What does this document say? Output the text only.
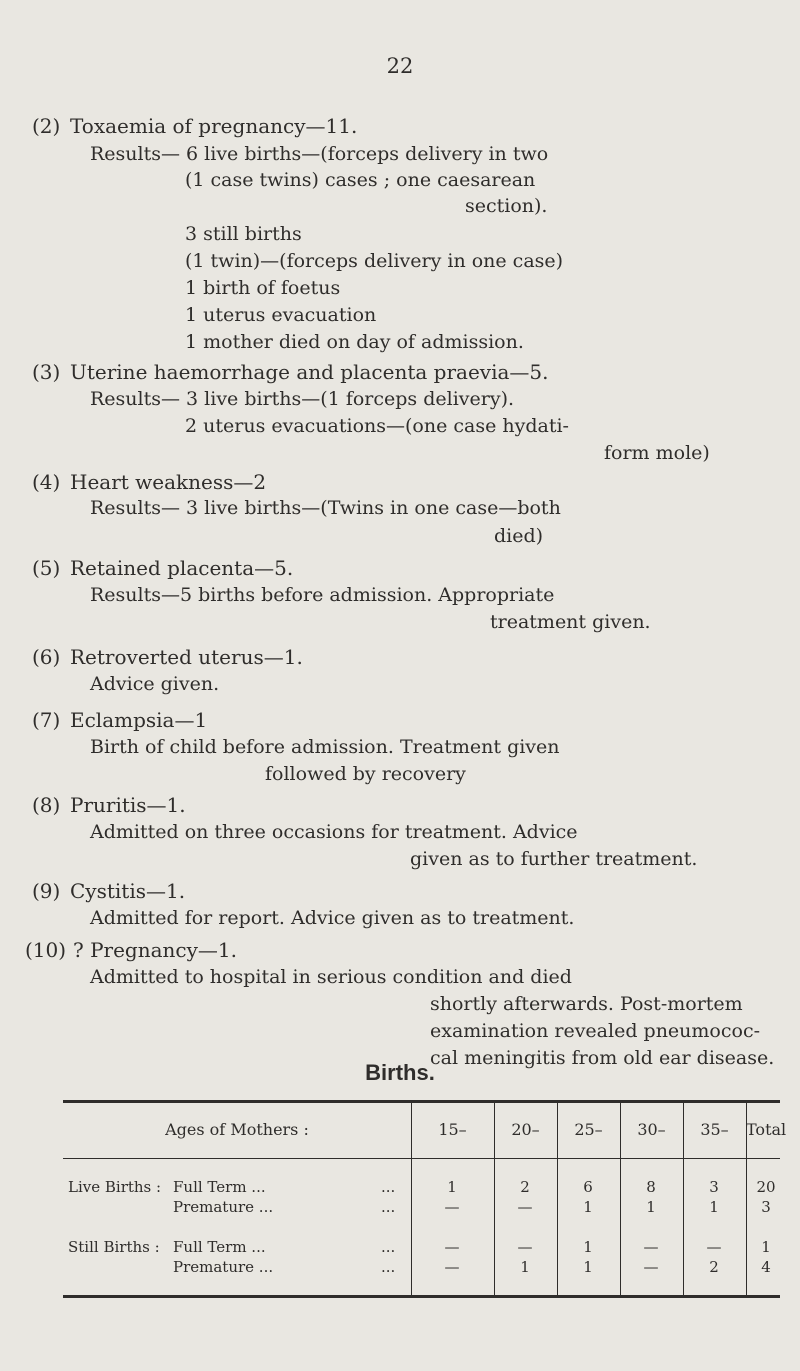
22
(2) Toxaemia of pregnancy—11.
Results— 6 live births—(forceps delivery in two
(1 case twins) cases ; one caesarean
section).
3 still births
(1 twin)—(forceps delivery in one case)
1 birth of foetus
1 uterus evacuation
1 mother died on day of admission.
(3) Uterine haemorrhage and placenta praevia—5.
Results— 3 live births—(1 forceps delivery).
2 uterus evacuations—(one case hydati-
form mole)
(4) Heart weakness—2
Results— 3 live births—(Twins in one case—both
died)
(5) Retained placenta—5.
Results—5 births before admission. Appropriate
treatment given.
(6) Retroverted uterus—1.
Advice given.
(7) Eclampsia—1
Birth of child before admission. Treatment given
followed by recovery
(8) Pruritis—1.
Admitted on three occasions for treatment. Advice
given as to further treatment.
(9) Cystitis—1.
Admitted for report. Advice given as to treatment.
(10) ? Pregnancy—1.
Admitted to hospital in serious condition and died
shortly afterwards. Post-mortem
examination revealed pneumococ-
cal meningitis from old ear disease.
Births.
Ages of Mothers :	15–	20–	25–	30–	35–	Total
Live Births : Full Term ...	...	1	2	6	8	3	20
Premature ...	...	—	—	1	1	1	3
Still Births : Full Term ...	...	—	—	1	—	—	1
Premature ...	...	—	1	1	—	2	4
